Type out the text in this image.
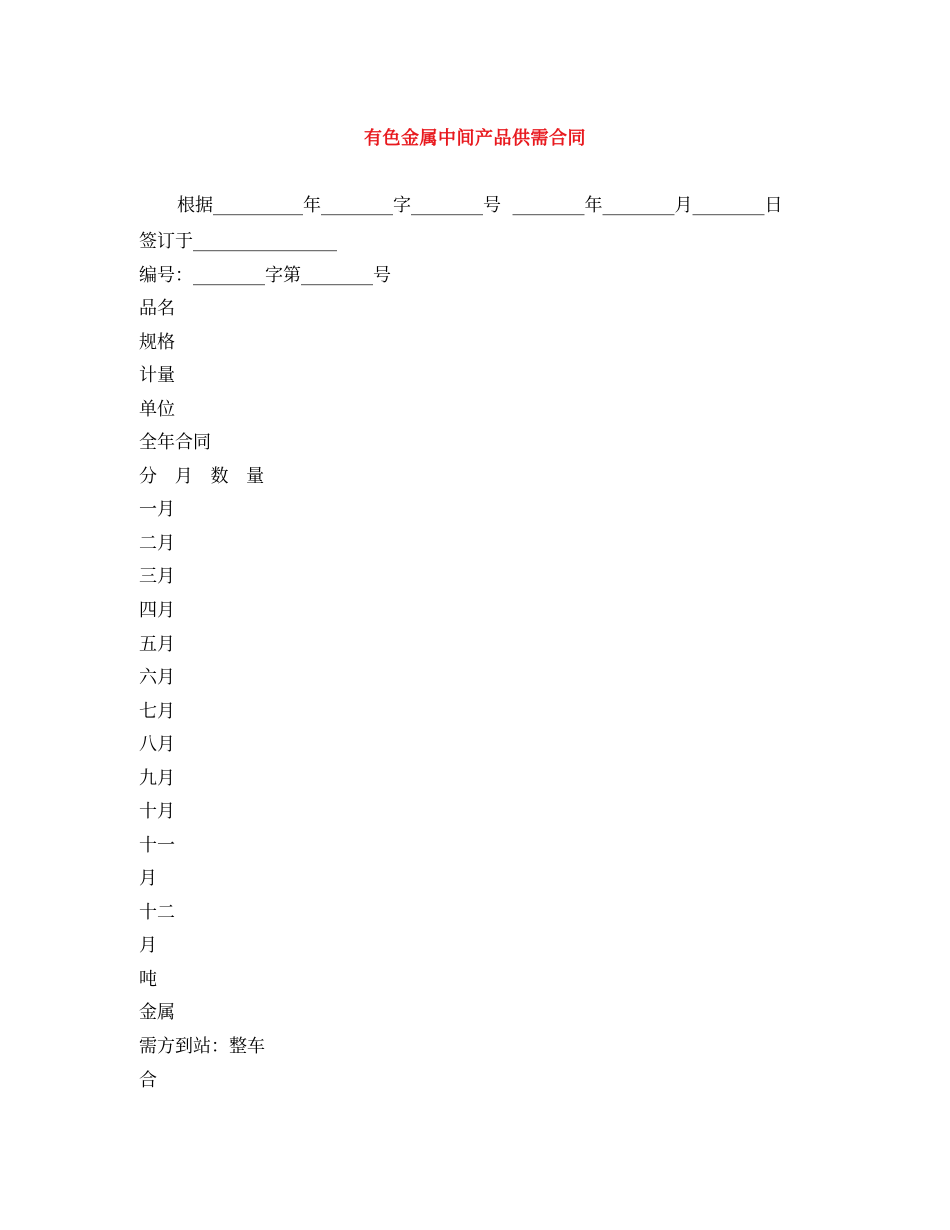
有色金属中间产品供需合同
根据__________年________字________号  ________年________月________日
签订于________________
编号：________字第________号
品名
规格
计量
单位
全年合同
分 月 数 量
一月
二月
三月
四月
五月
六月
七月
八月
九月
十月
十一
月
十二
月
吨
金属
需方到站：整车
合
